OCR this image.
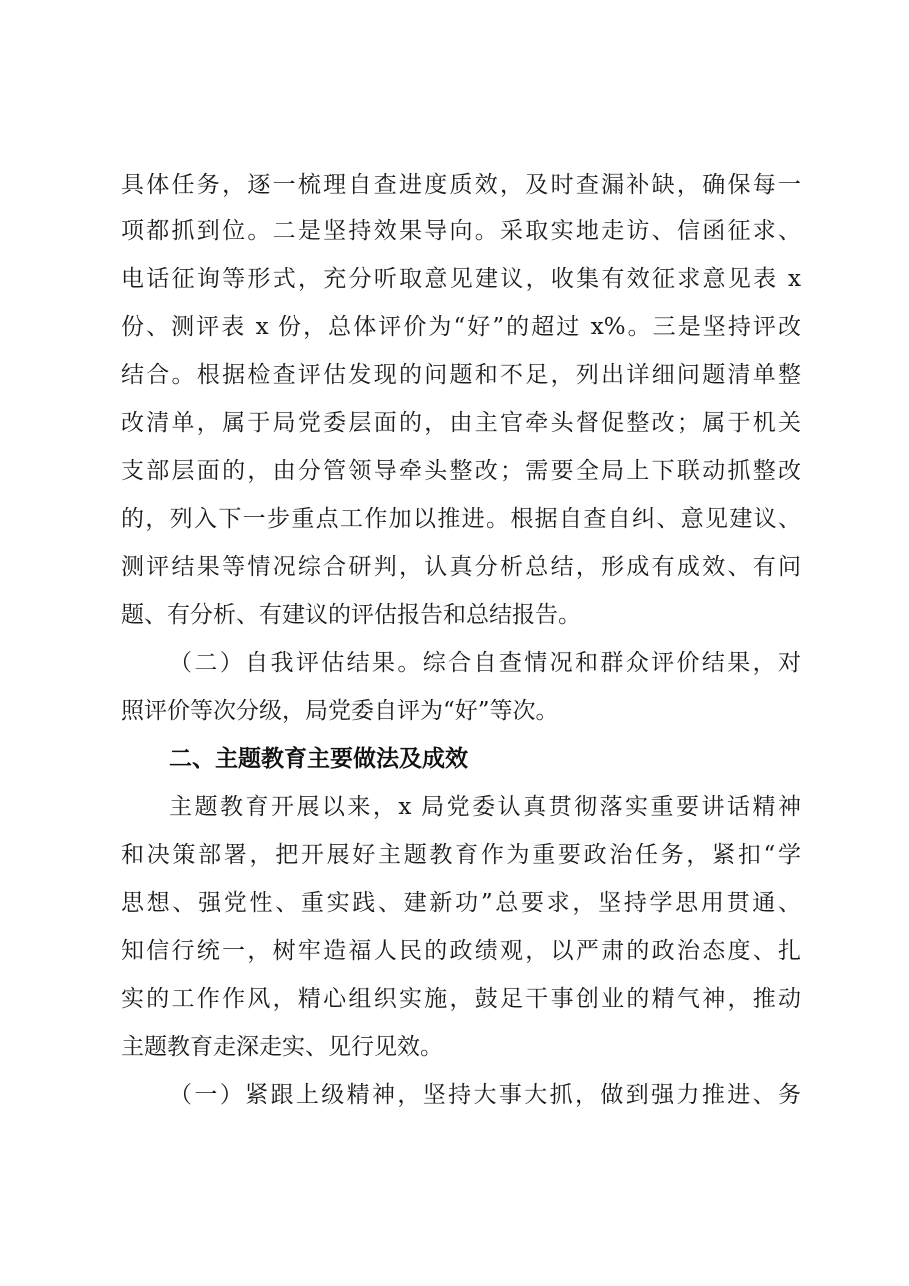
具体任务，逐一梳理自查进度质效，及时查漏补缺，确保每一
项都抓到位。二是坚持效果导向。采取实地走访、信函征求、
电话征询等形式，充分听取意见建议，收集有效征求意见表 x
份、测评表 x 份，总体评价为“好”的超过 x%。三是坚持评改
结合。根据检查评估发现的问题和不足，列出详细问题清单整
改清单，属于局党委层面的，由主官牵头督促整改；属于机关
支部层面的，由分管领导牵头整改；需要全局上下联动抓整改
的，列入下一步重点工作加以推进。根据自查自纠、意见建议、
测评结果等情况综合研判，认真分析总结，形成有成效、有问
题、有分析、有建议的评估报告和总结报告。
（二）自我评估结果。综合自查情况和群众评价结果，对
照评价等次分级，局党委自评为“好”等次。
二、主题教育主要做法及成效
主题教育开展以来，x 局党委认真贯彻落实重要讲话精神
和决策部署，把开展好主题教育作为重要政治任务，紧扣“学
思想、强党性、重实践、建新功”总要求，坚持学思用贯通、
知信行统一，树牢造福人民的政绩观，以严肃的政治态度、扎
实的工作作风，精心组织实施，鼓足干事创业的精气神，推动
主题教育走深走实、见行见效。
（一）紧跟上级精神，坚持大事大抓，做到强力推进、务
